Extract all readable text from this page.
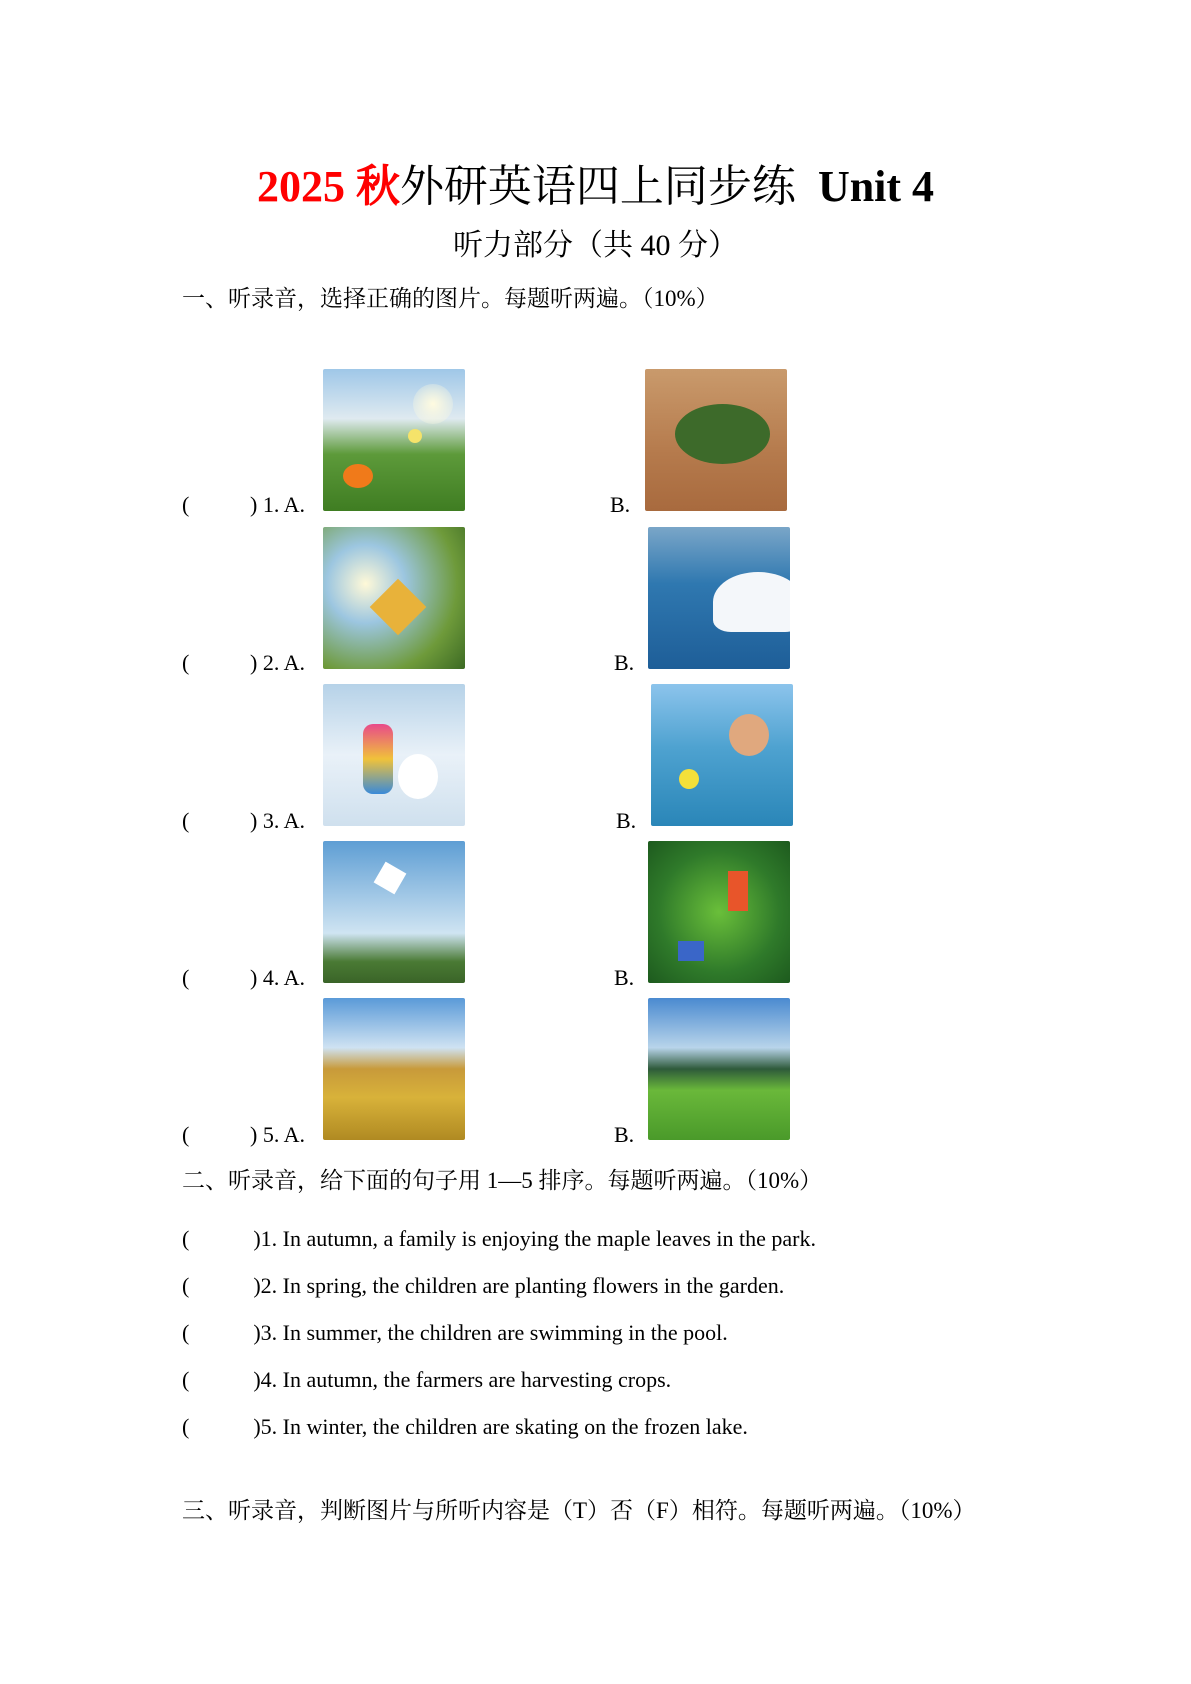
2025 秋外研英语四上同步练 Unit 4
听力部分（共 40 分）
一、听录音，选择正确的图片。每题听两遍。（10%）
(	) 1. A.	B.
(	) 2. A.	B.
(	) 3. A.	B.
(	) 4. A.	B.
(	) 5. A.	B.
二、听录音，给下面的句子用 1—5 排序。每题听两遍。（10%）
(	)1. In autumn, a family is enjoying the maple leaves in the park.
(	)2. In spring, the children are planting flowers in the garden.
(	)3. In summer, the children are swimming in the pool.
(	)4. In autumn, the farmers are harvesting crops.
(	)5. In winter, the children are skating on the frozen lake.
三、听录音，判断图片与所听内容是（T）否（F）相符。每题听两遍。（10%）
